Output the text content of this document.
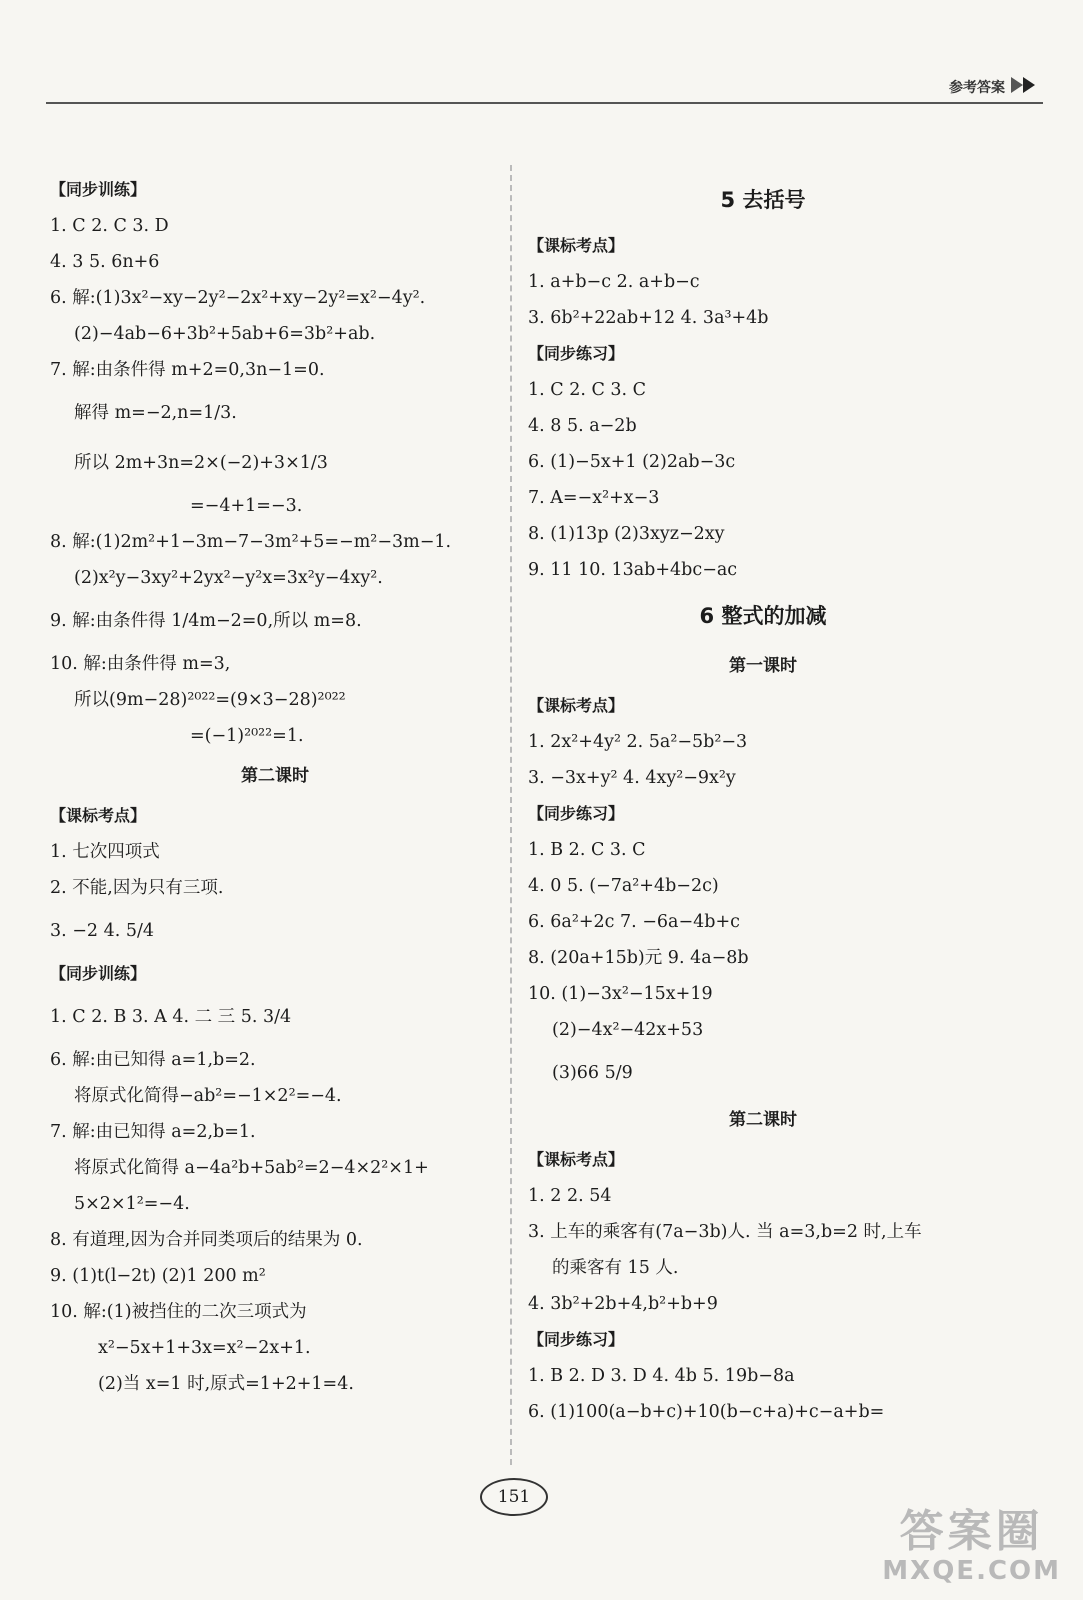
参考答案
【同步训练】
1. C 2. C 3. D
4. 3 5. 6n+6
6. 解:(1)3x²−xy−2y²−2x²+xy−2y²=x²−4y².
(2)−4ab−6+3b²+5ab+6=3b²+ab.
7. 解:由条件得 m+2=0,3n−1=0.
解得 m=−2,n=1/3.
所以 2m+3n=2×(−2)+3×1/3
=−4+1=−3.
8. 解:(1)2m²+1−3m−7−3m²+5=−m²−3m−1.
(2)x²y−3xy²+2yx²−y²x=3x²y−4xy².
9. 解:由条件得 1/4m−2=0,所以 m=8.
10. 解:由条件得 m=3,
所以(9m−28)²⁰²²=(9×3−28)²⁰²²
=(−1)²⁰²²=1.
第二课时
【课标考点】
1. 七次四项式
2. 不能,因为只有三项.
3. −2 4. 5/4
【同步训练】
1. C 2. B 3. A 4. 二 三 5. 3/4
6. 解:由已知得 a=1,b=2.
将原式化简得−ab²=−1×2²=−4.
7. 解:由已知得 a=2,b=1.
将原式化简得 a−4a²b+5ab²=2−4×2²×1+
5×2×1²=−4.
8. 有道理,因为合并同类项后的结果为 0.
9. (1)t(l−2t) (2)1 200 m²
10. 解:(1)被挡住的二次三项式为
x²−5x+1+3x=x²−2x+1.
(2)当 x=1 时,原式=1+2+1=4.
5 去括号
【课标考点】
1. a+b−c 2. a+b−c
3. 6b²+22ab+12 4. 3a³+4b
【同步练习】
1. C 2. C 3. C
4. 8 5. a−2b
6. (1)−5x+1 (2)2ab−3c
7. A=−x²+x−3
8. (1)13p (2)3xyz−2xy
9. 11 10. 13ab+4bc−ac
6 整式的加减
第一课时
【课标考点】
1. 2x²+4y² 2. 5a²−5b²−3
3. −3x+y² 4. 4xy²−9x²y
【同步练习】
1. B 2. C 3. C
4. 0 5. (−7a²+4b−2c)
6. 6a²+2c 7. −6a−4b+c
8. (20a+15b)元 9. 4a−8b
10. (1)−3x²−15x+19
(2)−4x²−42x+53
(3)66 5/9
第二课时
【课标考点】
1. 2 2. 54
3. 上车的乘客有(7a−3b)人. 当 a=3,b=2 时,上车
的乘客有 15 人.
4. 3b²+2b+4,b²+b+9
【同步练习】
1. B 2. D 3. D 4. 4b 5. 19b−8a
6. (1)100(a−b+c)+10(b−c+a)+c−a+b=
151
答案圈
MXQE.COM
